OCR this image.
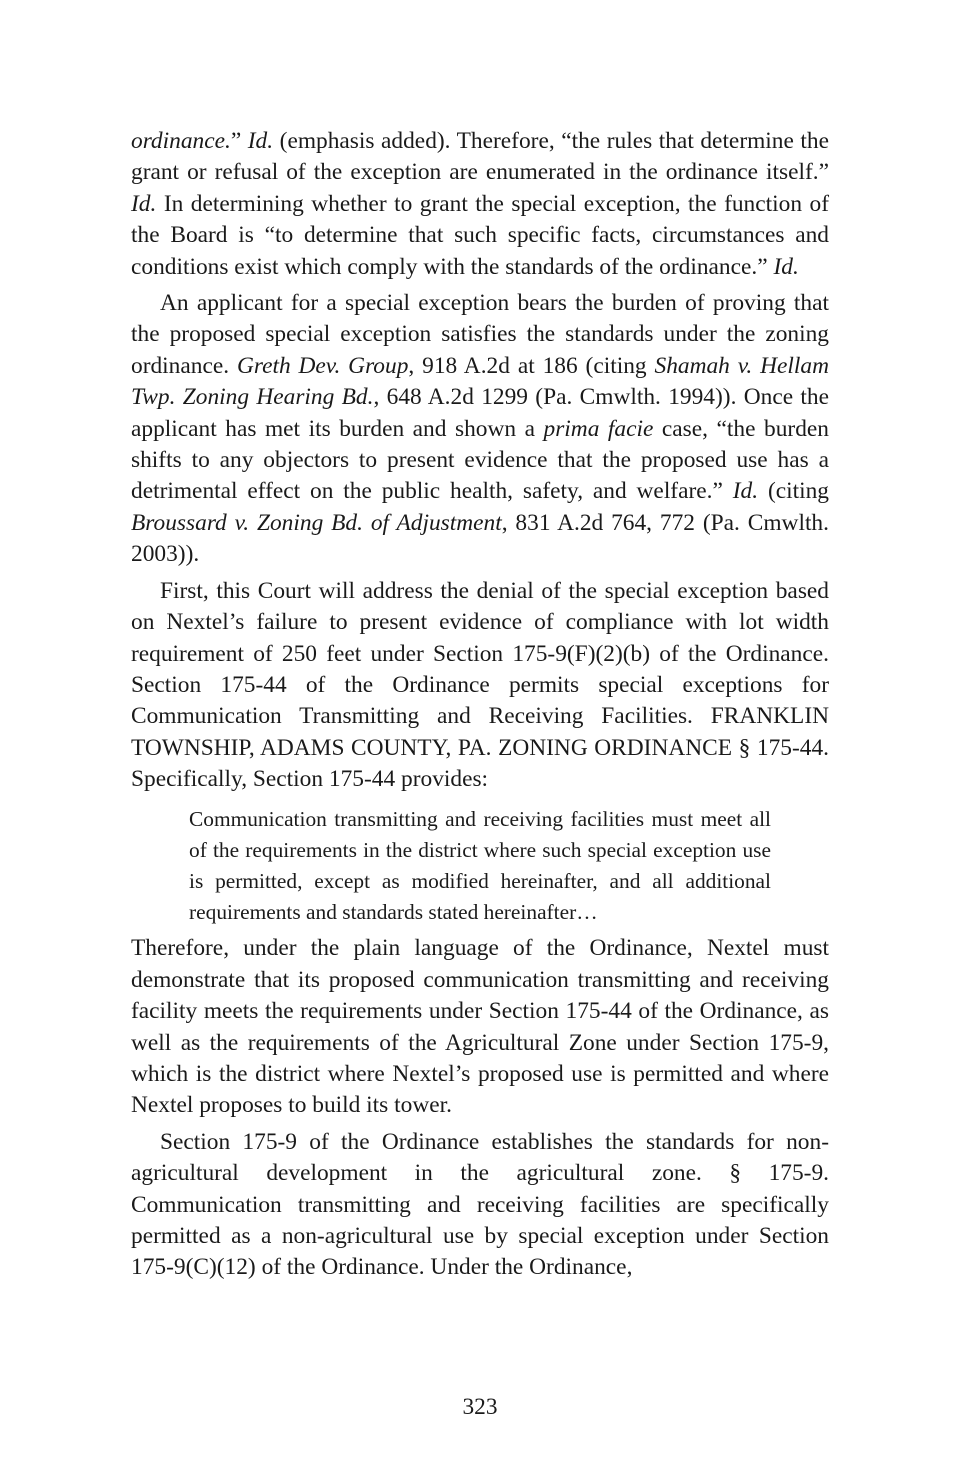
ordinance.” Id. (emphasis added). Therefore, “the rules that determine the grant or refusal of the exception are enumerated in the ordinance itself.” Id. In determining whether to grant the special exception, the function of the Board is “to determine that such specific facts, circumstances and conditions exist which comply with the standards of the ordinance.” Id.

An applicant for a special exception bears the burden of proving that the proposed special exception satisfies the standards under the zoning ordinance. Greth Dev. Group, 918 A.2d at 186 (citing Shamah v. Hellam Twp. Zoning Hearing Bd., 648 A.2d 1299 (Pa. Cmwlth. 1994)). Once the applicant has met its burden and shown a prima facie case, “the burden shifts to any objectors to present evidence that the proposed use has a detrimental effect on the public health, safety, and welfare.” Id. (citing Broussard v. Zoning Bd. of Adjustment, 831 A.2d 764, 772 (Pa. Cmwlth. 2003)).

First, this Court will address the denial of the special exception based on Nextel’s failure to present evidence of compliance with lot width requirement of 250 feet under Section 175-9(F)(2)(b) of the Ordinance. Section 175-44 of the Ordinance permits special exceptions for Communication Transmitting and Receiving Facilities. FRANKLIN TOWNSHIP, ADAMS COUNTY, PA. ZONING ORDINANCE § 175-44. Specifically, Section 175-44 provides:

Communication transmitting and receiving facilities must meet all of the requirements in the district where such special exception use is permitted, except as modified hereinafter, and all additional requirements and standards stated hereinafter…

Therefore, under the plain language of the Ordinance, Nextel must demonstrate that its proposed communication transmitting and receiving facility meets the requirements under Section 175-44 of the Ordinance, as well as the requirements of the Agricultural Zone under Section 175-9, which is the district where Nextel’s proposed use is permitted and where Nextel proposes to build its tower.

Section 175-9 of the Ordinance establishes the standards for nonagricultural development in the agricultural zone. § 175-9. Communication transmitting and receiving facilities are specifically permitted as a non-agricultural use by special exception under Section 175-9(C)(12) of the Ordinance. Under the Ordinance,

323
